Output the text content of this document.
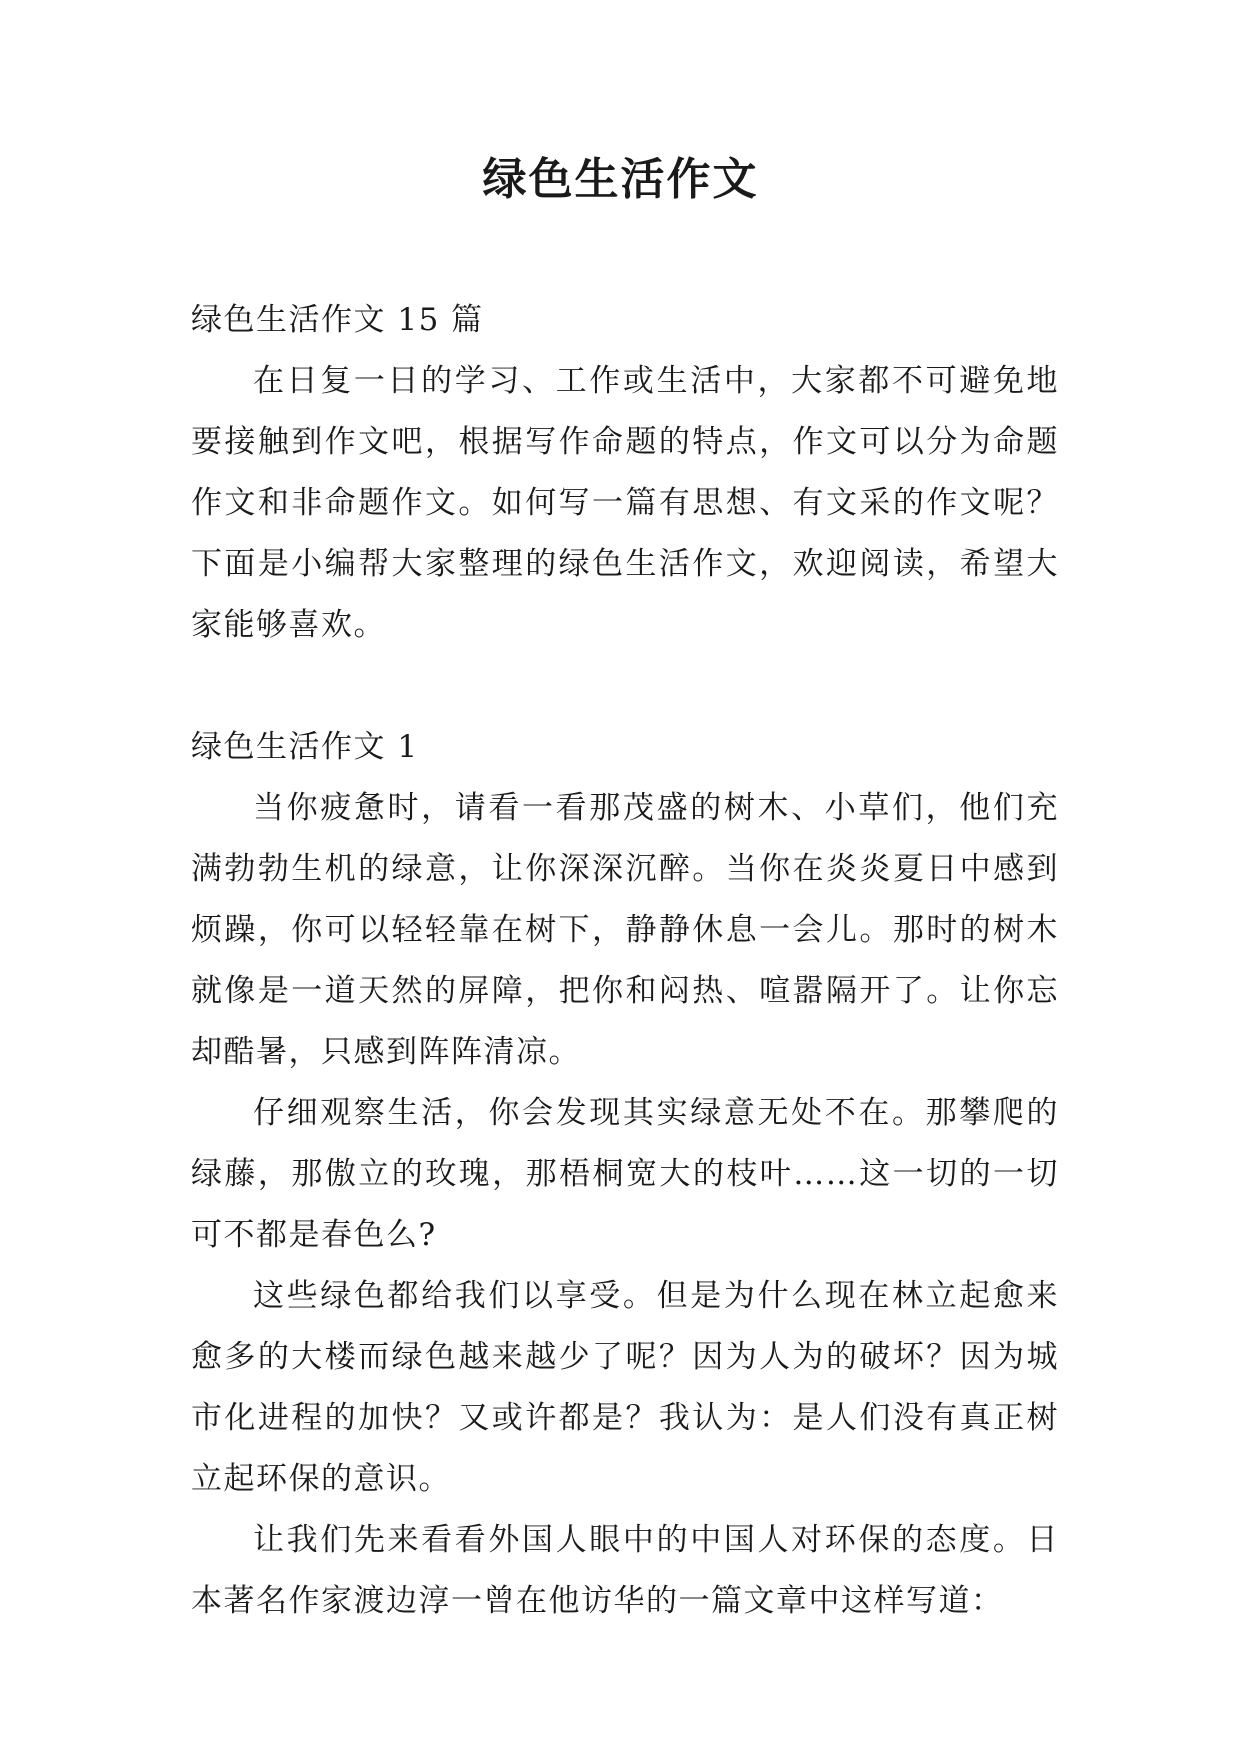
绿色生活作文

绿色生活作文 15 篇

在日复一日的学习、工作或生活中，大家都不可避免地要接触到作文吧，根据写作命题的特点，作文可以分为命题作文和非命题作文。如何写一篇有思想、有文采的作文呢？下面是小编帮大家整理的绿色生活作文，欢迎阅读，希望大家能够喜欢。

绿色生活作文 1

当你疲惫时，请看一看那茂盛的树木、小草们，他们充满勃勃生机的绿意，让你深深沉醉。当你在炎炎夏日中感到烦躁，你可以轻轻靠在树下，静静休息一会儿。那时的树木就像是一道天然的屏障，把你和闷热、喧嚣隔开了。让你忘却酷暑，只感到阵阵清凉。

仔细观察生活，你会发现其实绿意无处不在。那攀爬的绿藤，那傲立的玫瑰，那梧桐宽大的枝叶……这一切的一切可不都是春色么?

这些绿色都给我们以享受。但是为什么现在林立起愈来愈多的大楼而绿色越来越少了呢？因为人为的破坏？因为城市化进程的加快？又或许都是？我认为：是人们没有真正树立起环保的意识。

让我们先来看看外国人眼中的中国人对环保的态度。日本著名作家渡边淳一曾在他访华的一篇文章中这样写道：
